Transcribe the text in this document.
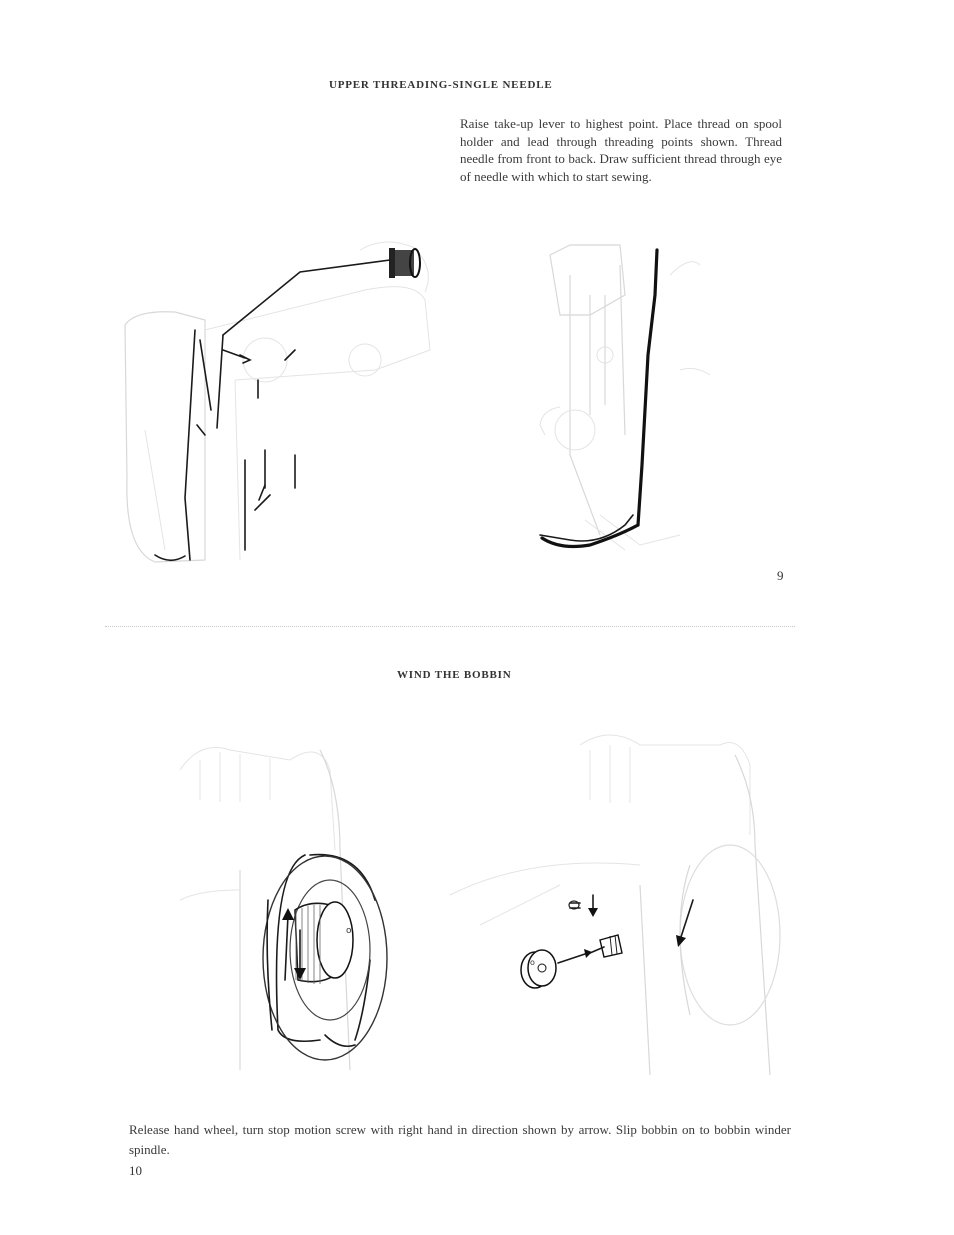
UPPER THREADING-SINGLE NEEDLE
Raise take-up lever to highest point. Place thread on spool holder and lead through threading points shown. Thread needle from front to back. Draw sufficient thread through eye of needle with which to start sewing.
9
WIND THE BOBBIN
o
o
Release hand wheel, turn stop motion screw with right hand in direction shown by arrow. Slip bobbin on to bobbin winder spindle.
10
